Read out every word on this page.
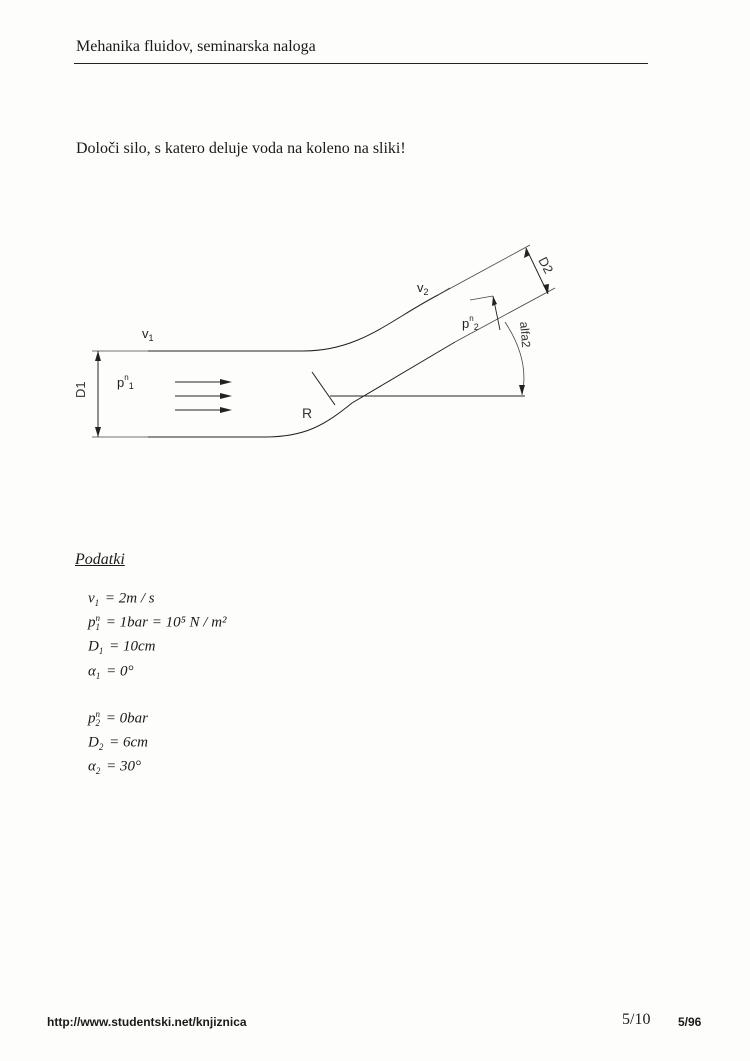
Mehanika fluidov, seminarska naloga
Določi silo, s katero deluje voda na koleno na sliki!
D2
alfa2
R
D1
$v_1$
$p^n_1$
$v_2$
$p^n_2$
Podatki
v
1 = 2m / s
p n
1 = 1bar = 10⁵ N / m²
D
1 = 10cm
α
1 = 0°
p n
2 = 0bar
D
2 = 6cm
α
2 = 30°
http://www.studentski.net/knjiznica	5/10 5/96
